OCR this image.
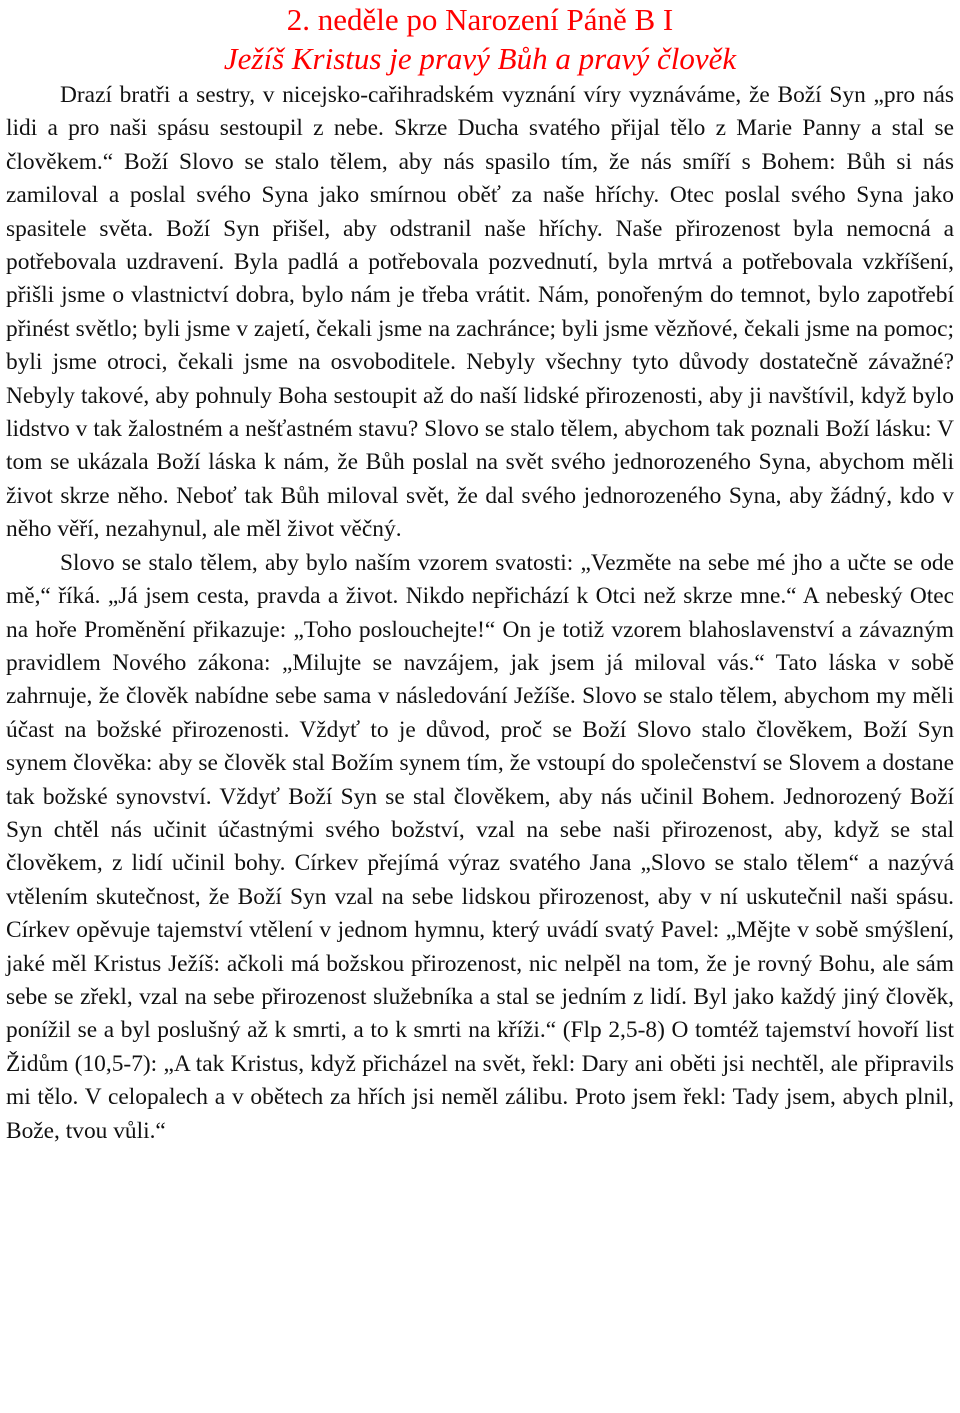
2. neděle po Narození Páně B I
Ježíš Kristus je pravý Bůh a pravý člověk

Drazí bratři a sestry, v nicejsko-cařihradském vyznání víry vyznáváme, že Boží Syn „pro nás lidi a pro naši spásu sestoupil z nebe. Skrze Ducha svatého přijal tělo z Marie Panny a stal se člověkem.“ Boží Slovo se stalo tělem, aby nás spasilo tím, že nás smíří s Bohem: Bůh si nás zamiloval a poslal svého Syna jako smírnou oběť za naše hříchy. Otec poslal svého Syna jako spasitele světa. Boží Syn přišel, aby odstranil naše hříchy. Naše přirozenost byla nemocná a potřebovala uzdravení. Byla padlá a potřebovala pozvednutí, byla mrtvá a potřebovala vzkříšení, přišli jsme o vlastnictví dobra, bylo nám je třeba vrátit. Nám, ponořeným do temnot, bylo zapotřebí přinést světlo; byli jsme v zajetí, čekali jsme na zachránce; byli jsme vězňové, čekali jsme na pomoc; byli jsme otroci, čekali jsme na osvoboditele. Nebyly všechny tyto důvody dostatečně závažné? Nebyly takové, aby pohnuly Boha sestoupit až do naší lidské přirozenosti, aby ji navštívil, když bylo lidstvo v tak žalostném a nešťastném stavu? Slovo se stalo tělem, abychom tak poznali Boží lásku: V tom se ukázala Boží láska k nám, že Bůh poslal na svět svého jednorozeného Syna, abychom měli život skrze něho. Neboť tak Bůh miloval svět, že dal svého jednorozeného Syna, aby žádný, kdo v něho věří, nezahynul, ale měl život věčný.

Slovo se stalo tělem, aby bylo naším vzorem svatosti: „Vezměte na sebe mé jho a učte se ode mě,“ říká. „Já jsem cesta, pravda a život. Nikdo nepřichází k Otci než skrze mne.“ A nebeský Otec na hoře Proměnění přikazuje: „Toho poslouchejte!“ On je totiž vzorem blahoslavenství a závazným pravidlem Nového zákona: „Milujte se navzájem, jak jsem já miloval vás.“ Tato láska v sobě zahrnuje, že člověk nabídne sebe sama v následování Ježíše. Slovo se stalo tělem, abychom my měli účast na božské přirozenosti. Vždyť to je důvod, proč se Boží Slovo stalo člověkem, Boží Syn synem člověka: aby se člověk stal Božím synem tím, že vstoupí do společenství se Slovem a dostane tak božské synovství. Vždyť Boží Syn se stal člověkem, aby nás učinil Bohem. Jednorozený Boží Syn chtěl nás učinit účastnými svého božství, vzal na sebe naši přirozenost, aby, když se stal člověkem, z lidí učinil bohy. Církev přejímá výraz svatého Jana „Slovo se stalo tělem“ a nazývá vtělením skutečnost, že Boží Syn vzal na sebe lidskou přirozenost, aby v ní uskutečnil naši spásu. Církev opěvuje tajemství vtělení v jednom hymnu, který uvádí svatý Pavel: „Mějte v sobě smýšlení, jaké měl Kristus Ježíš: ačkoli má božskou přirozenost, nic nelpěl na tom, že je rovný Bohu, ale sám sebe se zřekl, vzal na sebe přirozenost služebníka a stal se jedním z lidí. Byl jako každý jiný člověk, ponížil se a byl poslušný až k smrti, a to k smrti na kříži.“ (Flp 2,5-8) O tomtéž tajemství hovoří list Židům (10,5-7): „A tak Kristus, když přicházel na svět, řekl: Dary ani oběti jsi nechtěl, ale připravils mi tělo. V celopalech a v obětech za hřích jsi neměl zálibu. Proto jsem řekl: Tady jsem, abych plnil, Bože, tvou vůli.“
